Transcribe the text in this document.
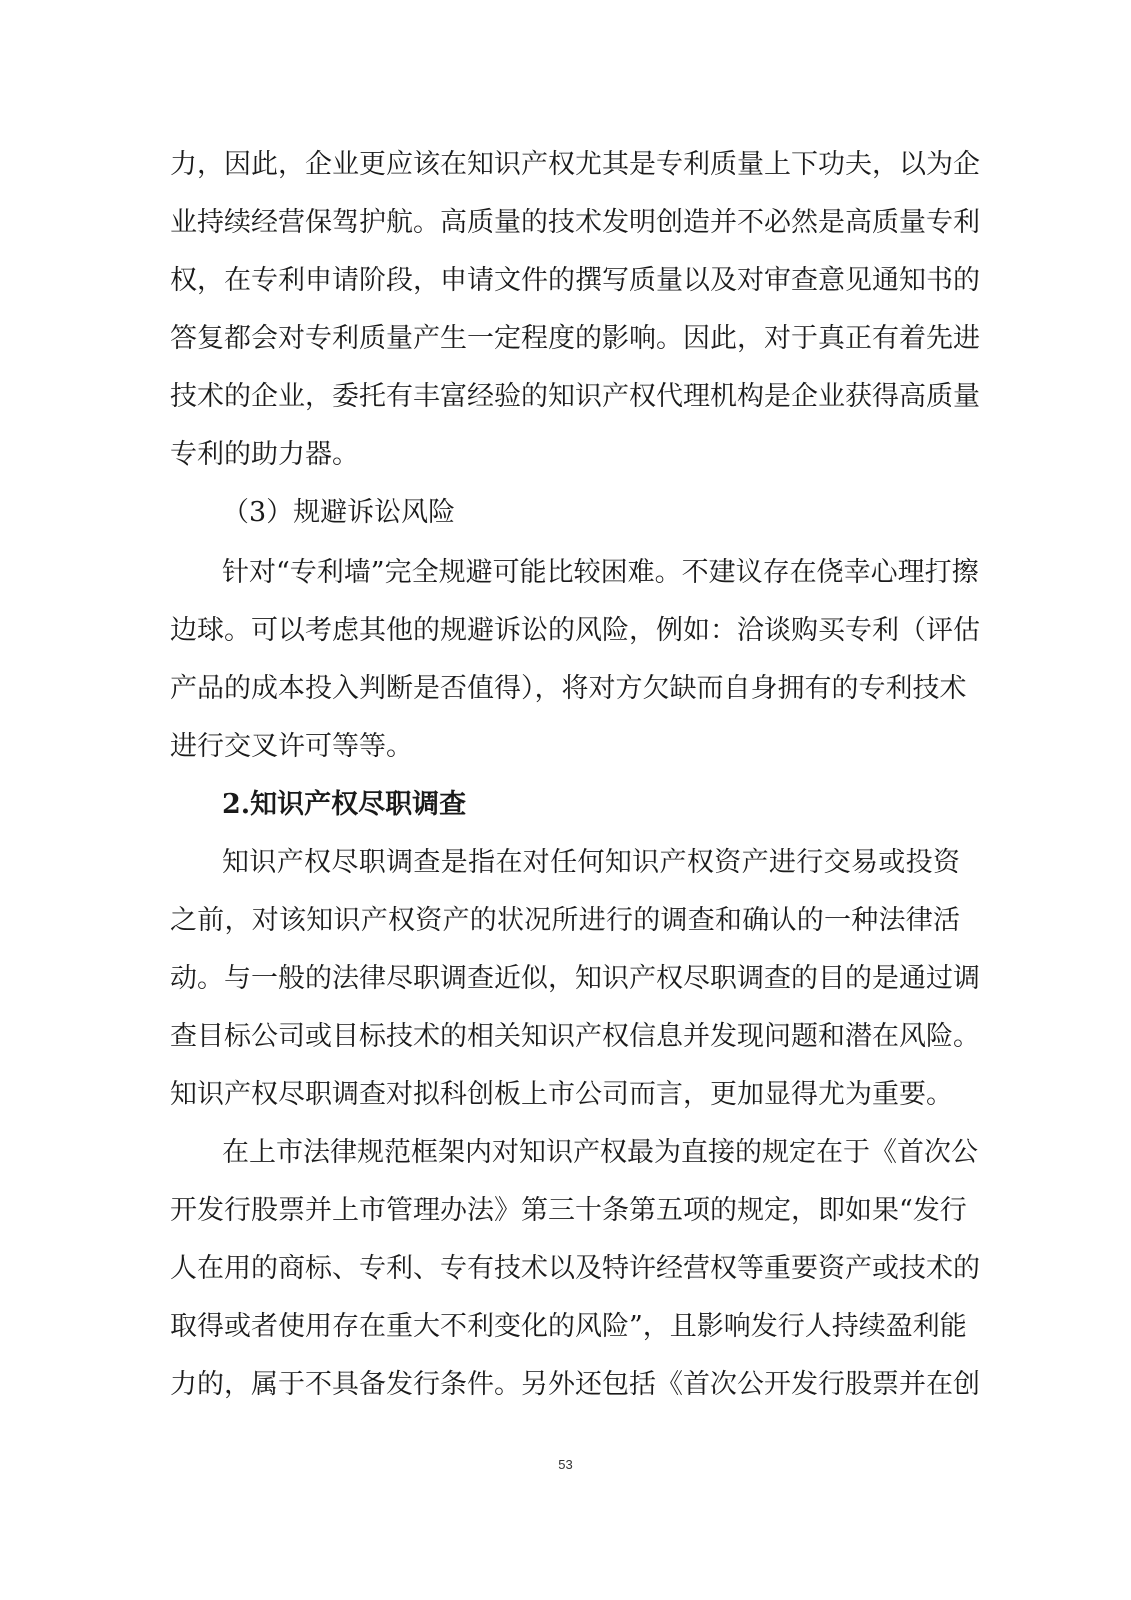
力，因此，企业更应该在知识产权尤其是专利质量上下功夫，以为企
业持续经营保驾护航。高质量的技术发明创造并不必然是高质量专利
权，在专利申请阶段，申请文件的撰写质量以及对审查意见通知书的
答复都会对专利质量产生一定程度的影响。因此，对于真正有着先进
技术的企业，委托有丰富经验的知识产权代理机构是企业获得高质量
专利的助力器。
（3）规避诉讼风险
针对“专利墙”完全规避可能比较困难。不建议存在侥幸心理打擦
边球。可以考虑其他的规避诉讼的风险，例如：洽谈购买专利（评估
产品的成本投入判断是否值得），将对方欠缺而自身拥有的专利技术
进行交叉许可等等。
2.知识产权尽职调查
知识产权尽职调查是指在对任何知识产权资产进行交易或投资
之前，对该知识产权资产的状况所进行的调查和确认的一种法律活
动。与一般的法律尽职调查近似，知识产权尽职调查的目的是通过调
查目标公司或目标技术的相关知识产权信息并发现问题和潜在风险。
知识产权尽职调查对拟科创板上市公司而言，更加显得尤为重要。
在上市法律规范框架内对知识产权最为直接的规定在于《首次公
开发行股票并上市管理办法》第三十条第五项的规定，即如果“发行
人在用的商标、专利、专有技术以及特许经营权等重要资产或技术的
取得或者使用存在重大不利变化的风险”，且影响发行人持续盈利能
力的，属于不具备发行条件。另外还包括《首次公开发行股票并在创
53
